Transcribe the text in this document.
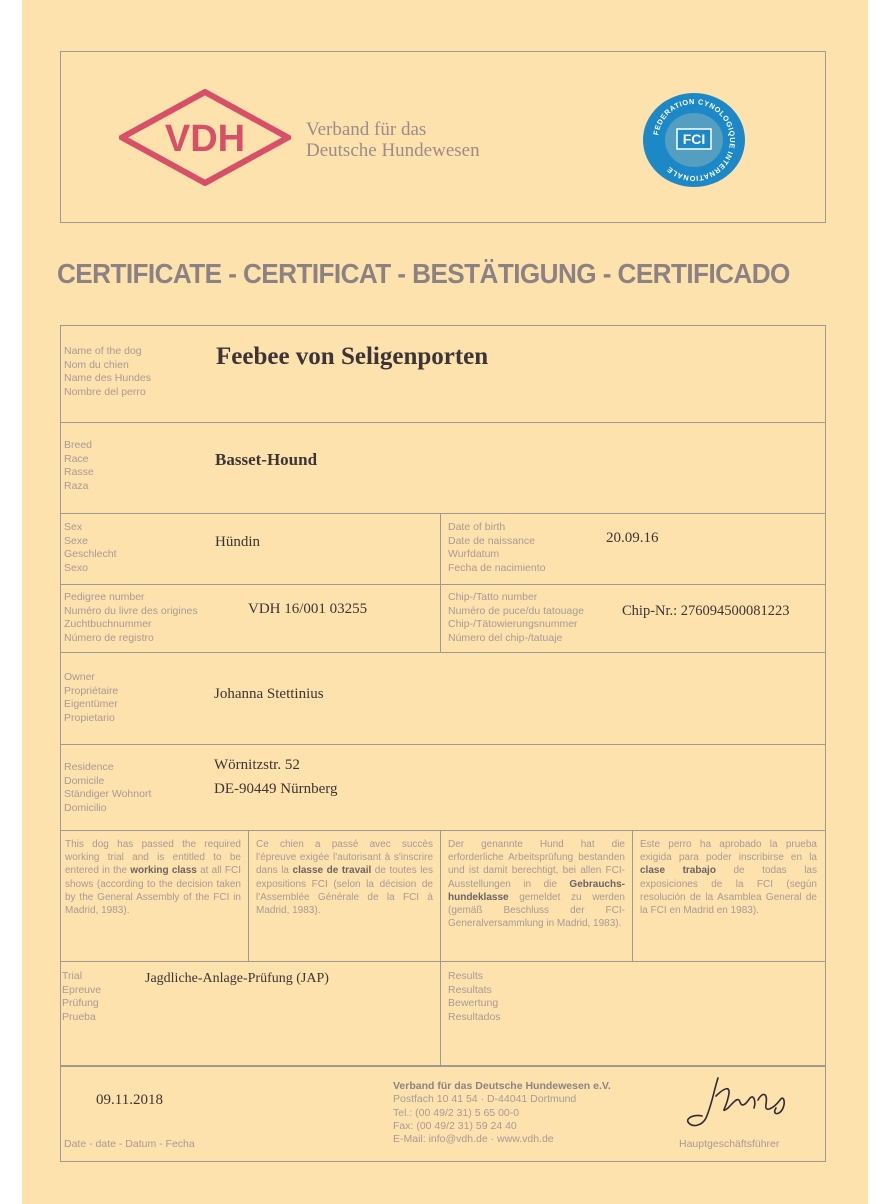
VDH	Verband für das
Deutsche Hundewesen
FEDERATION CYNOLOGIQUE INTERNATIONALE
FCI
CERTIFICATE - CERTIFICAT - BESTÄTIGUNG - CERTIFICADO
Name of the dog
Nom du chien
Name des Hundes
Nombre del perro
Feebee von Seligenporten
Breed
Race
Rasse
Raza
Basset-Hound
Sex
Sexe
Geschlecht
Sexo
Hündin
Date of birth
Date de naissance
Wurfdatum
Fecha de nacimiento
20.09.16
Pedigree number
Numéro du livre des origines
Zuchtbuchnummer
Número de registro
VDH 16/001 03255
Chip-/Tatto number
Numéro de puce/du tatouage
Chip-/Tätowierungsnummer
Número del chip-/tatuaje
Chip-Nr.: 276094500081223
Owner
Propriétaire
Eigentümer
Propietario
Johanna Stettinius
Residence
Domicile
Ständiger Wohnort
Domicilio
Wörnitzstr. 52
DE-90449 Nürnberg
This dog has passed the required working trial and is entitled to be entered in the working class at all FCI shows (according to the decision taken by the General Assembly of the FCI in Madrid, 1983).
Ce chien a passé avec succès l'épreuve exigée l'autorisant à s'inscrire dans la classe de travail de toutes les expositions FCI (selon la décision de l'Assemblée Générale de la FCI à Madrid, 1983).
Der genannte Hund hat die erforderliche Arbeitsprüfung bestanden und ist damit berechtigt, bei allen FCI-Ausstellungen in die Gebrauchs-hundeklasse gemeldet zu werden (gemäß Beschluss der FCI-Generalversammlung in Madrid, 1983).
Este perro ha aprobado la prueba exigida para poder inscribirse en la clase trabajo de todas las exposiciones de la FCI (según resolución de la Asamblea General de la FCI en Madrid en 1983).
Trial
Epreuve
Prüfung
Prueba
Jagdliche-Anlage-Prüfung (JAP)	Results
Resultats
Bewertung
Resultados
09.11.2018
Date - date - Datum - Fecha
Verband für das Deutsche Hundewesen e.V.
Postfach 10 41 54 · D-44041 Dortmund
Tel.: (00 49/2 31) 5 65 00-0
Fax: (00 49/2 31) 59 24 40
E-Mail: info@vdh.de · www.vdh.de	Hauptgeschäftsführer
